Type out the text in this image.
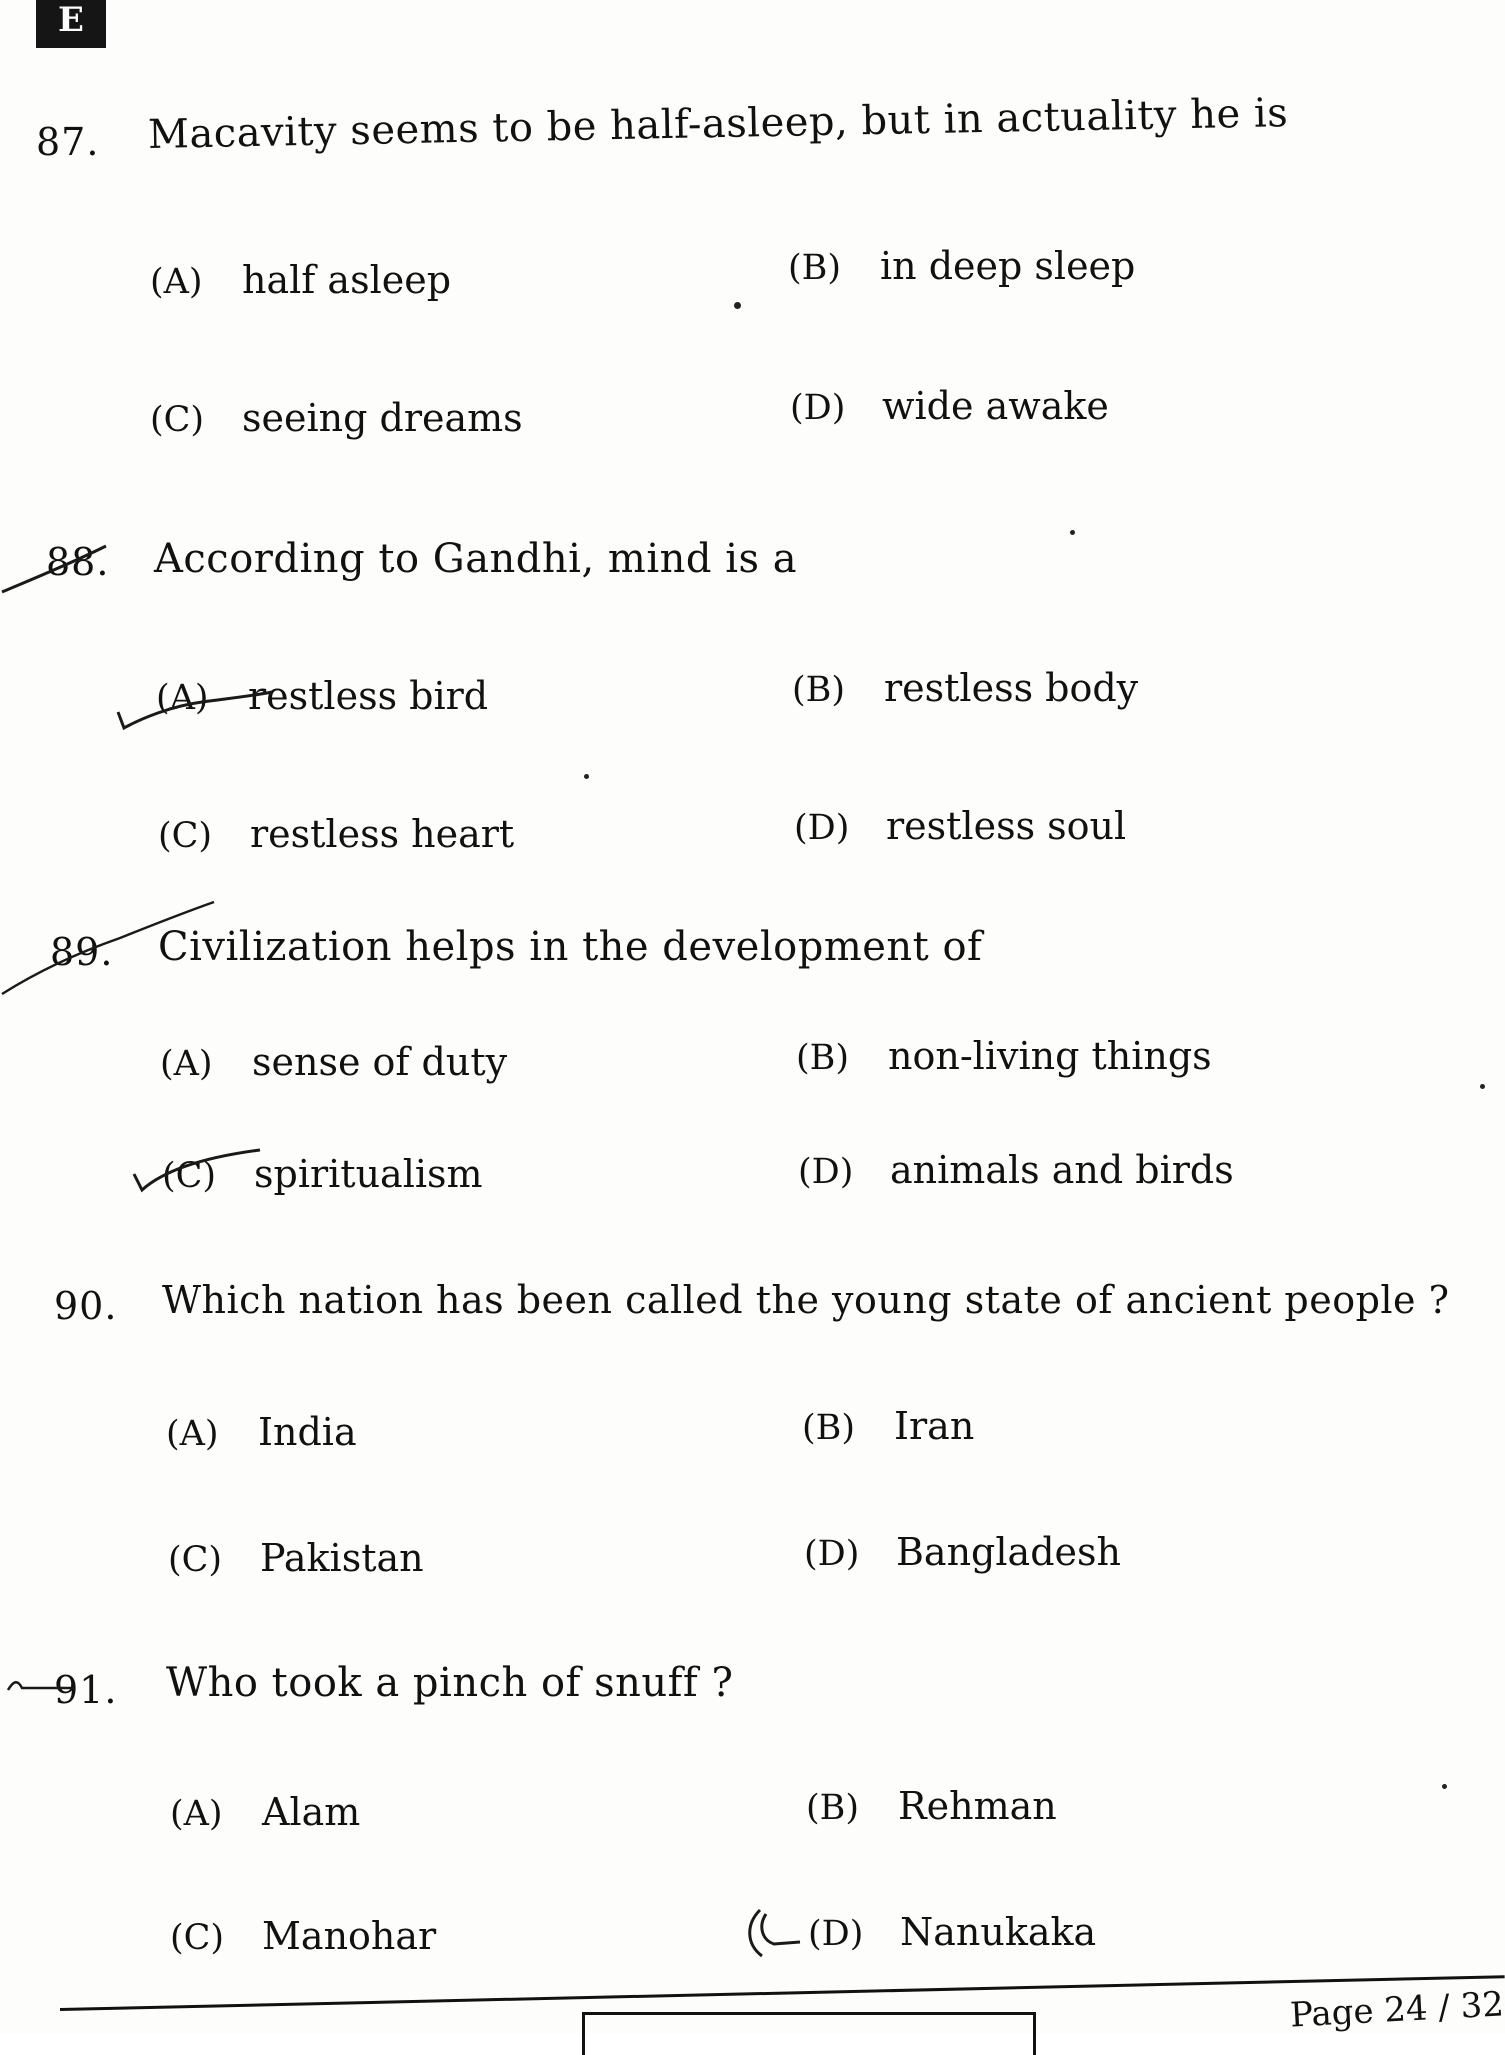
E
87. Macavity seems to be half-asleep, but in actuality he is
(A) half asleep	(B) in deep sleep
(C) seeing dreams	(D) wide awake
88. According to Gandhi, mind is a
(A) restless bird	(B) restless body
(C) restless heart	(D) restless soul
89. Civilization helps in the development of
(A) sense of duty	(B) non-living things
(C) spiritualism	(D) animals and birds
90. Which nation has been called the young state of ancient people ?
(A) India	(B) Iran
(C) Pakistan	(D) Bangladesh
91. Who took a pinch of snuff ?
(A) Alam	(B) Rehman
(C) Manohar	(D) Nanukaka
Page 24 / 32
